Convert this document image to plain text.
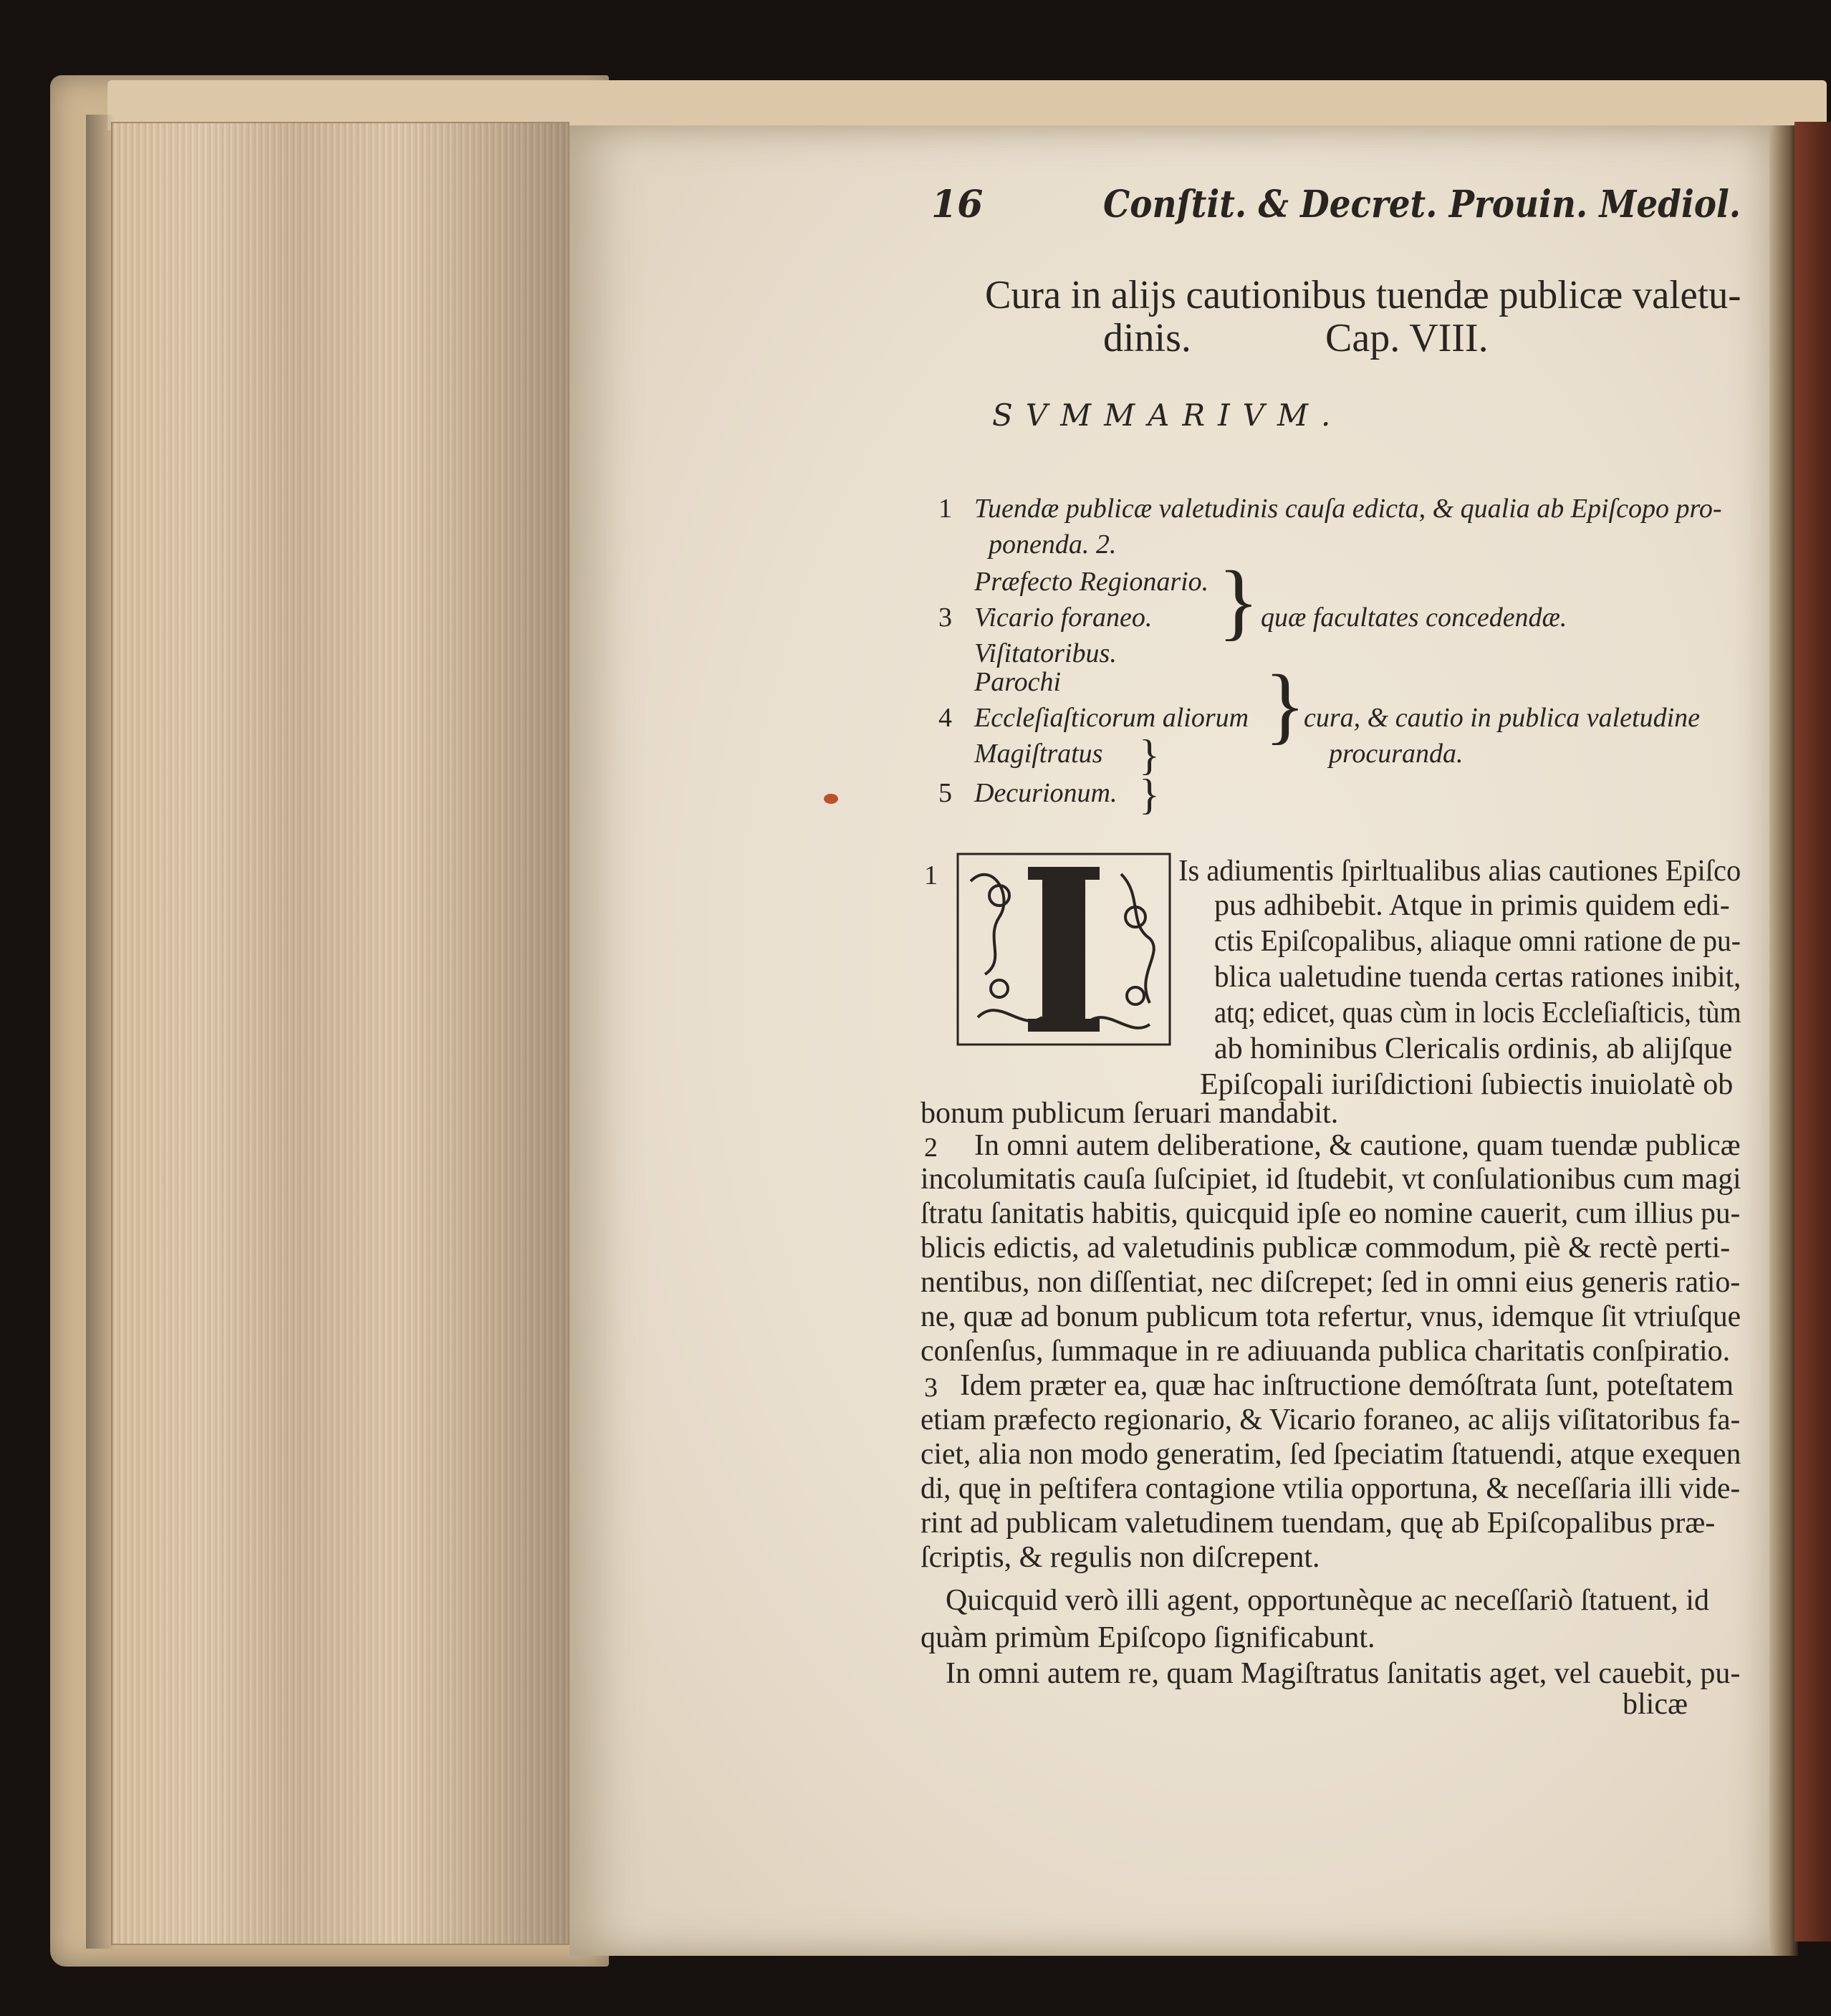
16	Conſtit. & Decret. Prouin. Mediol.
Cura in alijs cautionibus tuendæ publicæ valetu-
dinis.	Cap. VIII.
SVMMARIVM.
1 Tuendæ publicæ valetudinis cauſa edicta, & qualia ab Epiſcopo pro-
ponenda. 2.
Præfecto Regionario.
3 Vicario foraneo.
Viſitatoribus.
} quæ facultates concedendæ.
Parochi
4 Eccleſiaſticorum aliorum
Magiſtratus }
5 Decurionum. }
}
cura, & cautio in publica valetudine
procuranda.
1	Is adiumentis ſpirltualibus alias cautiones Epiſco
pus adhibebit. Atque in primis quidem edi-
ctis Epiſcopalibus, aliaque omni ratione de pu-
blica ualetudine tuenda certas rationes inibit,
atq; edicet, quas cùm in locis Eccleſiaſticis, tùm
ab hominibus Clericalis ordinis, ab alijſque
Epiſcopali iuriſdictioni ſubiectis inuiolatè ob
bonum publicum ſeruari mandabit.
2 In omni autem deliberatione, & cautione, quam tuendæ publicæ
incolumitatis cauſa ſuſcipiet, id ſtudebit, vt conſulationibus cum magi
ſtratu ſanitatis habitis, quicquid ipſe eo nomine cauerit, cum illius pu-
blicis edictis, ad valetudinis publicæ commodum, piè & rectè perti-
nentibus, non diſſentiat, nec diſcrepet; ſed in omni eius generis ratio-
ne, quæ ad bonum publicum tota refertur, vnus, idemque ſit vtriuſque
conſenſus, ſummaque in re adiuuanda publica charitatis conſpiratio.
3 Idem præter ea, quæ hac inſtructione demóſtrata ſunt, poteſtatem
etiam præfecto regionario, & Vicario foraneo, ac alijs viſitatoribus fa-
ciet, alia non modo generatim, ſed ſpeciatim ſtatuendi, atque exequen
di, quę in peſtifera contagione vtilia opportuna, & neceſſaria illi vide-
rint ad publicam valetudinem tuendam, quę ab Epiſcopalibus præ-
ſcriptis, & regulis non diſcrepent.
Quicquid verò illi agent, opportunèque ac neceſſariò ſtatuent, id
quàm primùm Epiſcopo ſignificabunt.
In omni autem re, quam Magiſtratus ſanitatis aget, vel cauebit, pu-
blicæ
